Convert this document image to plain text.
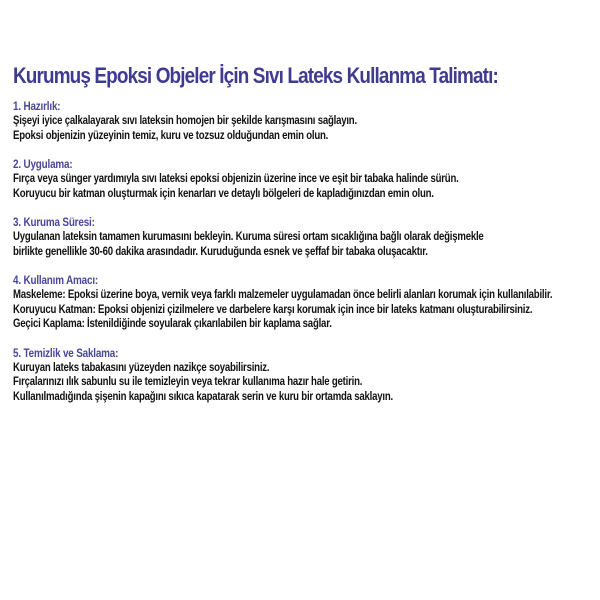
Kurumuş Epoksi Objeler İçin Sıvı Lateks Kullanma Talimatı:
1. Hazırlık:
Şişeyi iyice çalkalayarak sıvı lateksin homojen bir şekilde karışmasını sağlayın.
Epoksi objenizin yüzeyinin temiz, kuru ve tozsuz olduğundan emin olun.
2. Uygulama:
Fırça veya sünger yardımıyla sıvı lateksi epoksi objenizin üzerine ince ve eşit bir tabaka halinde sürün.
Koruyucu bir katman oluşturmak için kenarları ve detaylı bölgeleri de kapladığınızdan emin olun.
3. Kuruma Süresi:
Uygulanan lateksin tamamen kurumasını bekleyin. Kuruma süresi ortam sıcaklığına bağlı olarak değişmekle
birlikte genellikle 30-60 dakika arasındadır. Kuruduğunda esnek ve şeffaf bir tabaka oluşacaktır.
4. Kullanım Amacı:
Maskeleme: Epoksi üzerine boya, vernik veya farklı malzemeler uygulamadan önce belirli alanları korumak için kullanılabilir.
Koruyucu Katman: Epoksi objenizi çizilmelere ve darbelere karşı korumak için ince bir lateks katmanı oluşturabilirsiniz.
Geçici Kaplama: İstenildiğinde soyularak çıkarılabilen bir kaplama sağlar.
5. Temizlik ve Saklama:
Kuruyan lateks tabakasını yüzeyden nazikçe soyabilirsiniz.
Fırçalarınızı ılık sabunlu su ile temizleyin veya tekrar kullanıma hazır hale getirin.
Kullanılmadığında şişenin kapağını sıkıca kapatarak serin ve kuru bir ortamda saklayın.
